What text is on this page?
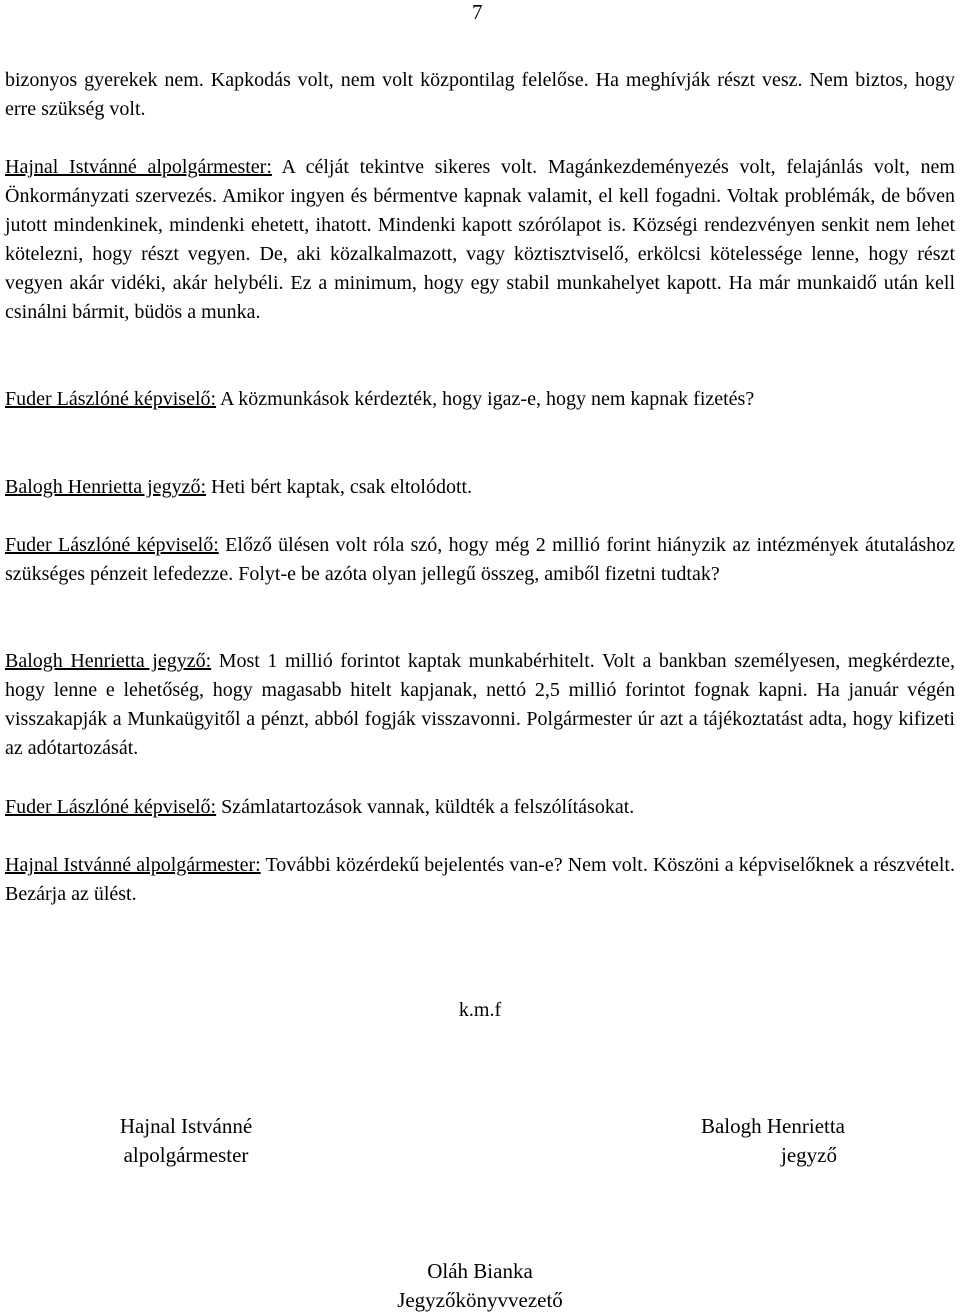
7

bizonyos gyerekek nem. Kapkodás volt, nem volt központilag felelőse. Ha meghívják részt vesz. Nem biztos, hogy erre szükség volt.

Hajnal Istvánné alpolgármester: A célját tekintve sikeres volt. Magánkezdeményezés volt, felajánlás volt, nem Önkormányzati szervezés. Amikor ingyen és bérmentve kapnak valamit, el kell fogadni. Voltak problémák, de bőven jutott mindenkinek, mindenki ehetett, ihatott. Mindenki kapott szórólapot is. Községi rendezvényen senkit nem lehet kötelezni, hogy részt vegyen. De, aki közalkalmazott, vagy köztisztviselő, erkölcsi kötelessége lenne, hogy részt vegyen akár vidéki, akár helybéli. Ez a minimum, hogy egy stabil munkahelyet kapott. Ha már munkaidő után kell csinálni bármit, büdös a munka.

Fuder Lászlóné képviselő: A közmunkások kérdezték, hogy igaz-e, hogy nem kapnak fizetés?

Balogh Henrietta jegyző: Heti bért kaptak, csak eltolódott.

Fuder Lászlóné képviselő: Előző ülésen volt róla szó, hogy még 2 millió forint hiányzik az intézmények átutaláshoz szükséges pénzeit lefedezze. Folyt-e be azóta olyan jellegű összeg, amiből fizetni tudtak?

Balogh Henrietta jegyző: Most 1 millió forintot kaptak munkabérhitelt. Volt a bankban személyesen, megkérdezte, hogy lenne e lehetőség, hogy magasabb hitelt kapjanak, nettó 2,5 millió forintot fognak kapni. Ha január végén visszakapják a Munkaügyitől a pénzt, abból fogják visszavonni. Polgármester úr azt a tájékoztatást adta, hogy kifizeti az adótartozását.

Fuder Lászlóné képviselő: Számlatartozások vannak, küldték a felszólításokat.

Hajnal Istvánné alpolgármester: További közérdekű bejelentés van-e? Nem volt. Köszöni a képviselőknek a részvételt. Bezárja az ülést.

k.m.f
Hajnal Istvánné
alpolgármester
Balogh Henrietta
jegyző
Oláh Bianka
Jegyzőkönyvvezető
